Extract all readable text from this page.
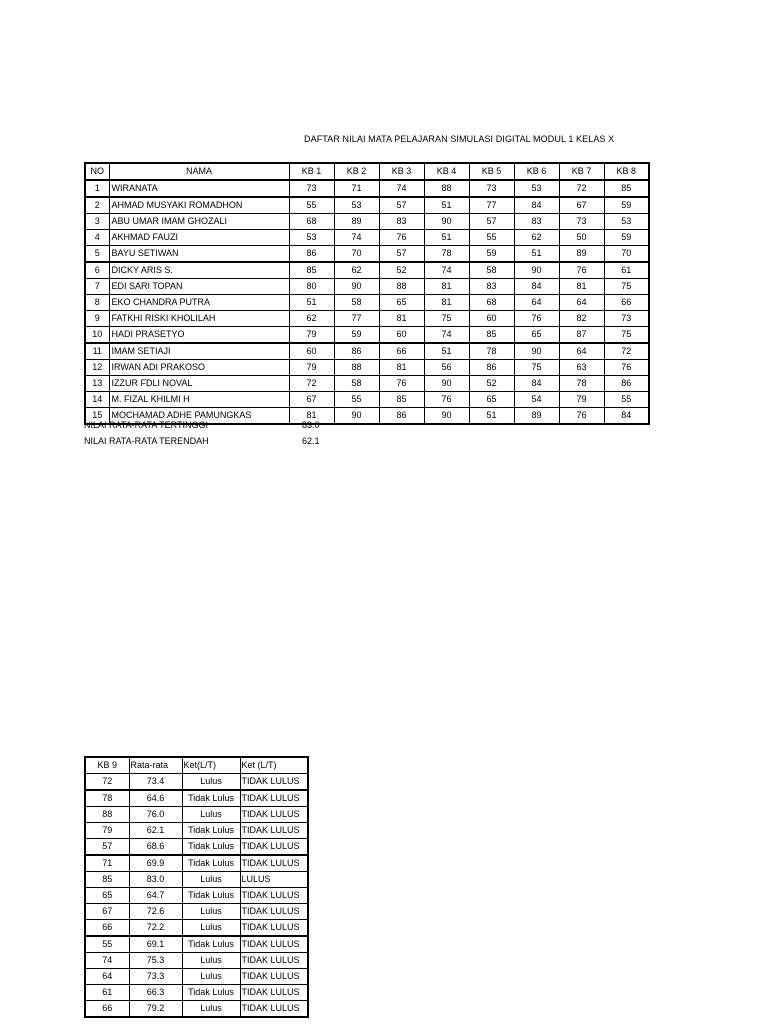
DAFTAR NILAI MATA PELAJARAN SIMULASI DIGITAL MODUL 1 KELAS X
NO	NAMA	KB 1	KB 2	KB 3	KB 4	KB 5	KB 6	KB 7	KB 8
1	WIRANATA	73	71	74	88	73	53	72	85
2	AHMAD MUSYAKI ROMADHON	55	53	57	51	77	84	67	59
3	ABU UMAR IMAM GHOZALI	68	89	83	90	57	83	73	53
4	AKHMAD FAUZI	53	74	76	51	55	62	50	59
5	BAYU SETIWAN	86	70	57	78	59	51	89	70
6	DICKY ARIS S.	85	62	52	74	58	90	76	61
7	EDI SARI TOPAN	80	90	88	81	83	84	81	75
8	EKO CHANDRA PUTRA	51	58	65	81	68	64	64	66
9	FATKHI RISKI KHOLILAH	62	77	81	75	60	76	82	73
10	HADI PRASETYO	79	59	60	74	85	65	87	75
11	IMAM SETIAJI	60	86	66	51	78	90	64	72
12	IRWAN ADI PRAKOSO	79	88	81	56	86	75	63	76
13	IZZUR FDLI NOVAL	72	58	76	90	52	84	78	86
14	M. FIZAL KHILMI H	67	55	85	76	65	54	79	55
15	MOCHAMAD ADHE PAMUNGKAS	81	90	86	90	51	89	76	84
NILAI RATA-RATA TERTINGGI	83.0
NILAI RATA-RATA TERENDAH	62.1
KB 9	Rata-rata	Ket(L/T)	Ket (L/T)
72	73.4	Lulus	TIDAK LULUS
78	64.6	Tidak Lulus	TIDAK LULUS
88	76.0	Lulus	TIDAK LULUS
79	62.1	Tidak Lulus	TIDAK LULUS
57	68.6	Tidak Lulus	TIDAK LULUS
71	69.9	Tidak Lulus	TIDAK LULUS
85	83.0	Lulus	LULUS
65	64.7	Tidak Lulus	TIDAK LULUS
67	72.6	Lulus	TIDAK LULUS
66	72.2	Lulus	TIDAK LULUS
55	69.1	Tidak Lulus	TIDAK LULUS
74	75.3	Lulus	TIDAK LULUS
64	73.3	Lulus	TIDAK LULUS
61	66.3	Tidak Lulus	TIDAK LULUS
66	79.2	Lulus	TIDAK LULUS
